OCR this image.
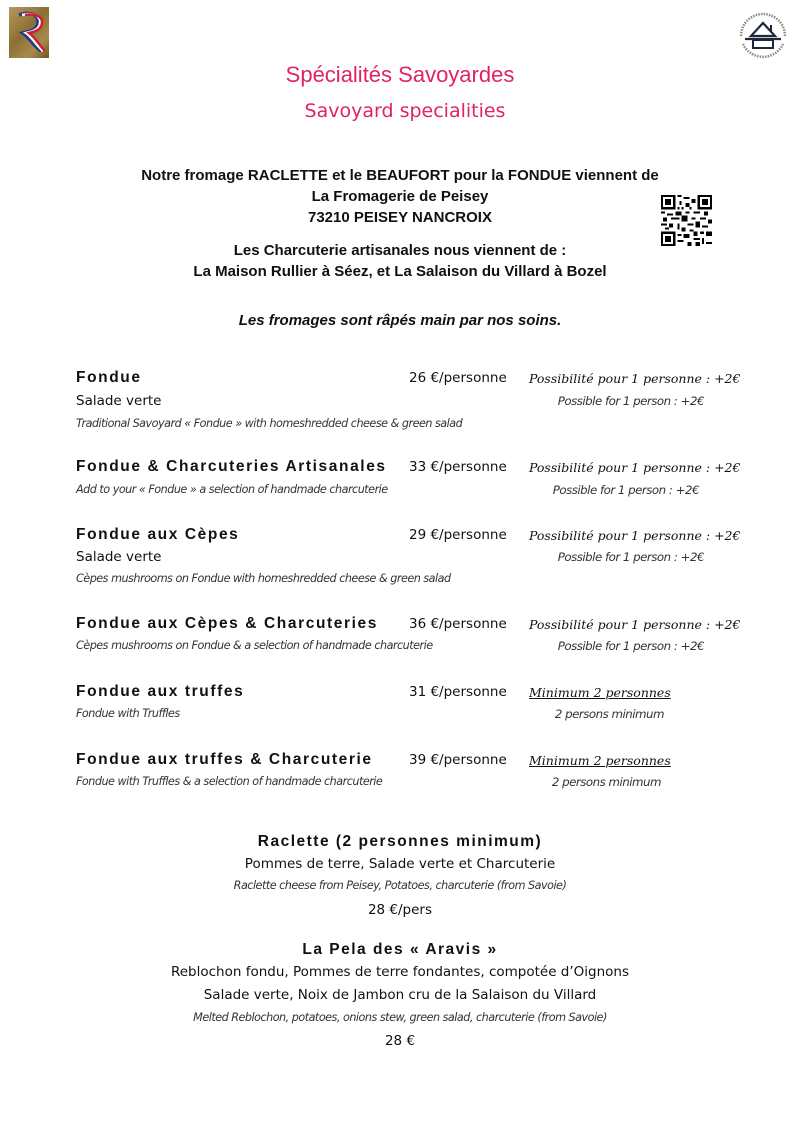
Spécialités Savoyardes
Savoyard specialities
Notre fromage RACLETTE et le BEAUFORT pour la FONDUE viennent de
La Fromagerie de Peisey
73210 PEISEY NANCROIX
Les Charcuterie artisanales nous viennent de :
La Maison Rullier à Séez, et La Salaison du Villard à Bozel
Les fromages sont râpés main par nos soins.
Fondue	26 €/personne Possibilité pour 1 personne : +2€
Salade verte	Possible for 1 person : +2€
Traditional Savoyard « Fondue » with homeshredded cheese & green salad
Fondue & Charcuteries Artisanales 33 €/personne Possibilité pour 1 personne : +2€
Add to your « Fondue » a selection of handmade charcuterie	Possible for 1 person : +2€
Fondue aux Cèpes	29 €/personne Possibilité pour 1 personne : +2€
Salade verte	Possible for 1 person : +2€
Cèpes mushrooms on Fondue with homeshredded cheese & green salad
Fondue aux Cèpes & Charcuteries 36 €/personne Possibilité pour 1 personne : +2€
Cèpes mushrooms on Fondue & a selection of handmade charcuterie	Possible for 1 person : +2€
Fondue aux truffes	31 €/personne Minimum 2 personnes
Fondue with Truffles	2 persons minimum
Fondue aux truffes & Charcuterie	39 €/personne Minimum 2 personnes
Fondue with Truffles & a selection of handmade charcuterie	2 persons minimum
Raclette (2 personnes minimum)
Pommes de terre, Salade verte et Charcuterie
Raclette cheese from Peisey, Potatoes, charcuterie (from Savoie)
28 €/pers
La Pela des « Aravis »
Reblochon fondu, Pommes de terre fondantes, compotée d’Oignons
Salade verte, Noix de Jambon cru de la Salaison du Villard
Melted Reblochon, potatoes, onions stew, green salad, charcuterie (from Savoie)
28 €
